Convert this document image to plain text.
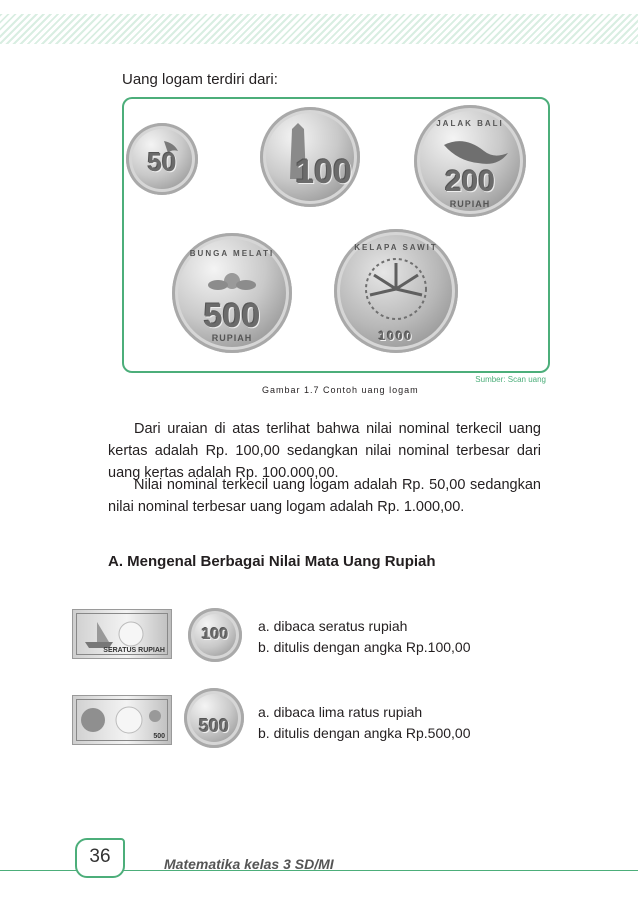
Uang logam terdiri dari:
50	100
JALAK BALI
200
RUPIAH
BUNGA MELATI
500
RUPIAH
KELAPA SAWIT
1000
Sumber: Scan uang
Gambar 1.7 Contoh uang logam
Dari uraian di atas terlihat bahwa nilai nominal terkecil uang kertas adalah Rp. 100,00 sedangkan nilai nominal terbesar dari uang kertas adalah Rp. 100.000,00.
Nilai nominal terkecil uang logam adalah Rp. 50,00 sedangkan nilai nominal terbesar uang logam adalah Rp. 1.000,00.
A. Mengenal Berbagai Nilai Mata Uang Rupiah
SERATUS RUPIAH
100	a. dibaca seratus rupiah
b. ditulis dengan angka Rp.100,00
500
500
a. dibaca lima ratus rupiah
b. ditulis dengan angka Rp.500,00
36	Matematika kelas 3 SD/MI
